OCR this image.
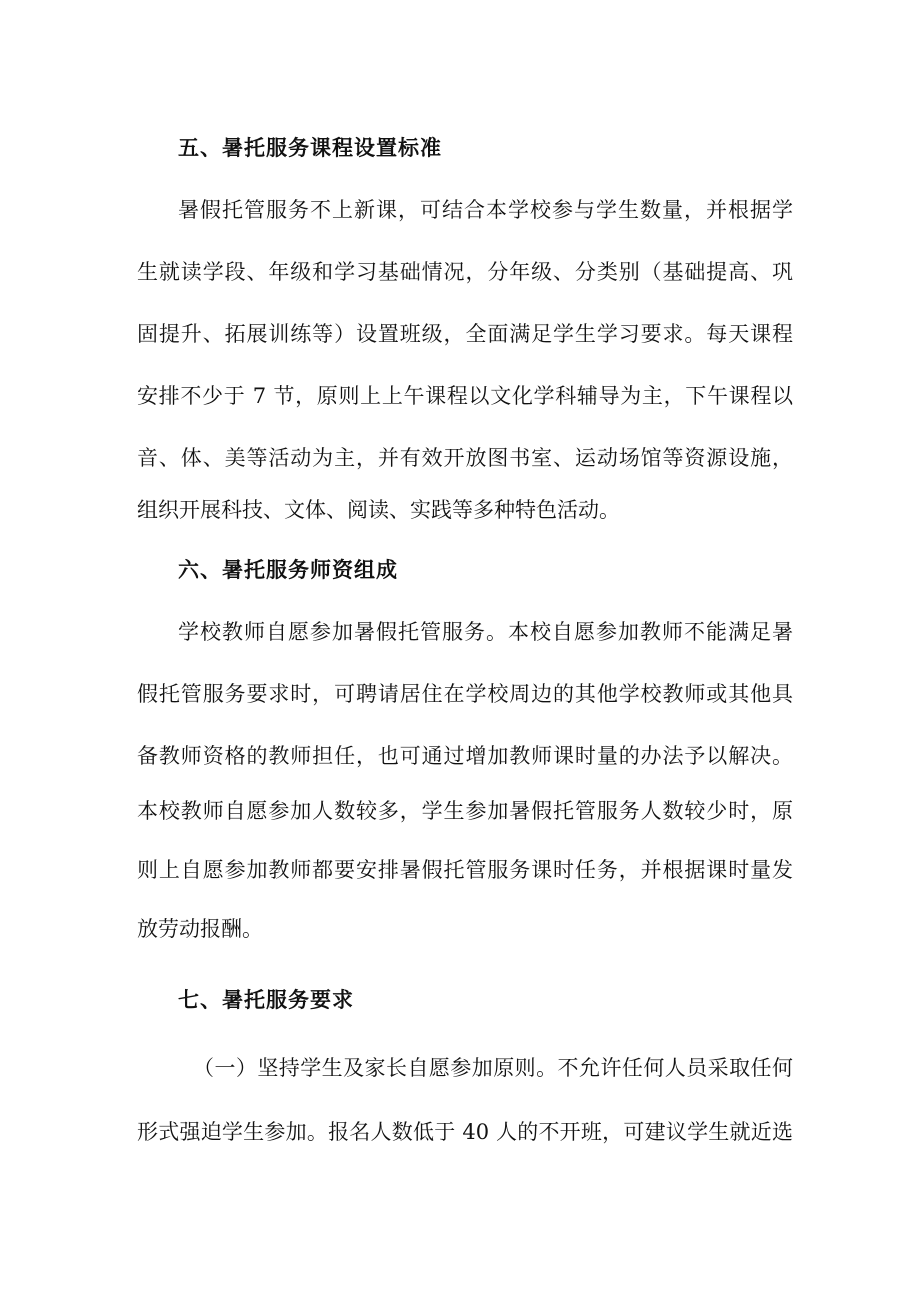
五、暑托服务课程设置标准
暑假托管服务不上新课，可结合本学校参与学生数量，并根据学
生就读学段、年级和学习基础情况，分年级、分类别（基础提高、巩
固提升、拓展训练等）设置班级，全面满足学生学习要求。每天课程
安排不少于 7 节，原则上上午课程以文化学科辅导为主，下午课程以
音、体、美等活动为主，并有效开放图书室、运动场馆等资源设施，
组织开展科技、文体、阅读、实践等多种特色活动。
六、暑托服务师资组成
学校教师自愿参加暑假托管服务。本校自愿参加教师不能满足暑
假托管服务要求时，可聘请居住在学校周边的其他学校教师或其他具
备教师资格的教师担任，也可通过增加教师课时量的办法予以解决。
本校教师自愿参加人数较多，学生参加暑假托管服务人数较少时，原
则上自愿参加教师都要安排暑假托管服务课时任务，并根据课时量发
放劳动报酬。
七、暑托服务要求
（一）坚持学生及家长自愿参加原则。不允许任何人员采取任何
形式强迫学生参加。报名人数低于 40 人的不开班，可建议学生就近选
